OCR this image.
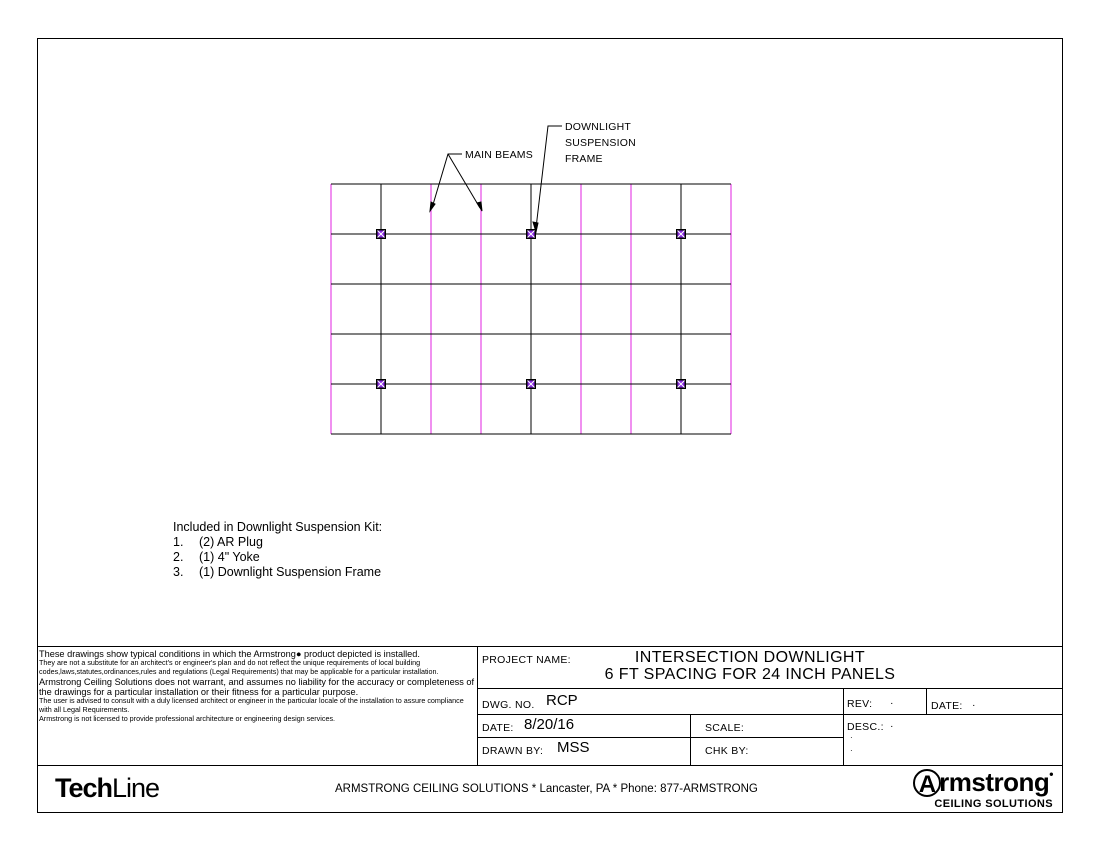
MAIN BEAMS
DOWNLIGHT
SUSPENSION
FRAME
Included in Downlight Suspension Kit:
1.	(2) AR Plug
2.	(1) 4" Yoke
3.	(1) Downlight Suspension Frame
These drawings show typical conditions in which the Armstrong● product depicted is installed.
They are not a substitute for an architect's or engineer's plan and do not reflect the unique requirements of local building codes,laws,statutes,ordinances,rules and regulations (Legal Requirements) that may be applicable for a particular installation.
Armstrong Ceiling Solutions does not warrant, and assumes no liability for the accuracy or completeness of the drawings for a particular installation or their fitness for a particular purpose.
The user is advised to consult with a duly licensed architect or engineer in the particular locale of the installation to assure compliance with all Legal Requirements.
Armstrong is not licensed to provide professional architecture or engineering design services.
PROJECT NAME:	INTERSECTION DOWNLIGHT
6 FT SPACING FOR 24 INCH PANELS
DWG. NO. RCP	REV: ·	DATE: ·
DATE: 8/20/16	SCALE:	DESC.: ·
·
·
DRAWN BY: MSS	CHK BY:
TechLine	ARMSTRONG CEILING SOLUTIONS * Lancaster, PA * Phone: 877-ARMSTRONG	A rmstrong•
CEILING SOLUTIONS
